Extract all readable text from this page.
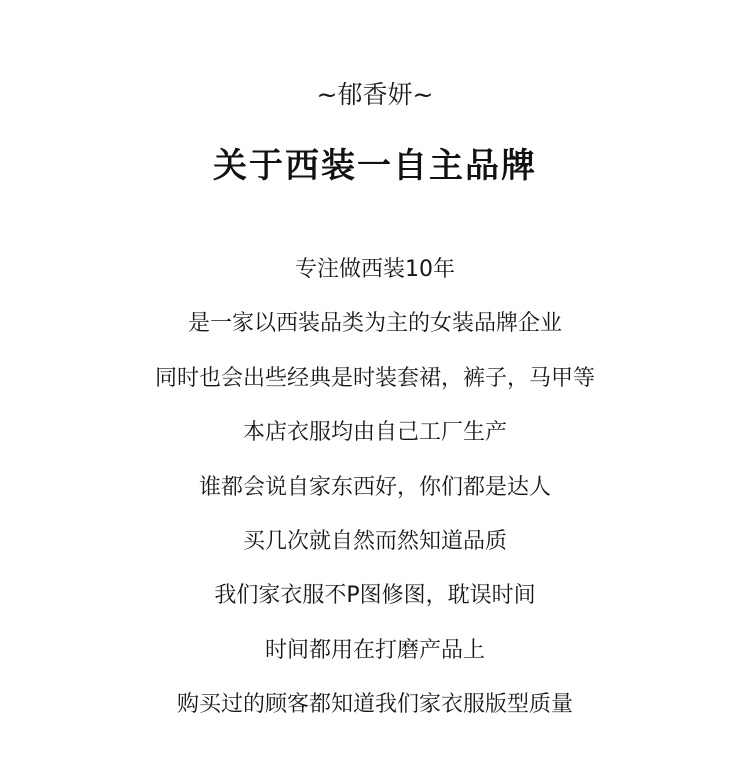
~郁香妍~
关于西装一自主品牌
专注做西装10年
是一家以西装品类为主的女装品牌企业
同时也会出些经典是时装套裙，裤子，马甲等
本店衣服均由自己工厂生产
谁都会说自家东西好，你们都是达人
买几次就自然而然知道品质
我们家衣服不P图修图，耽误时间
时间都用在打磨产品上
购买过的顾客都知道我们家衣服版型质量
